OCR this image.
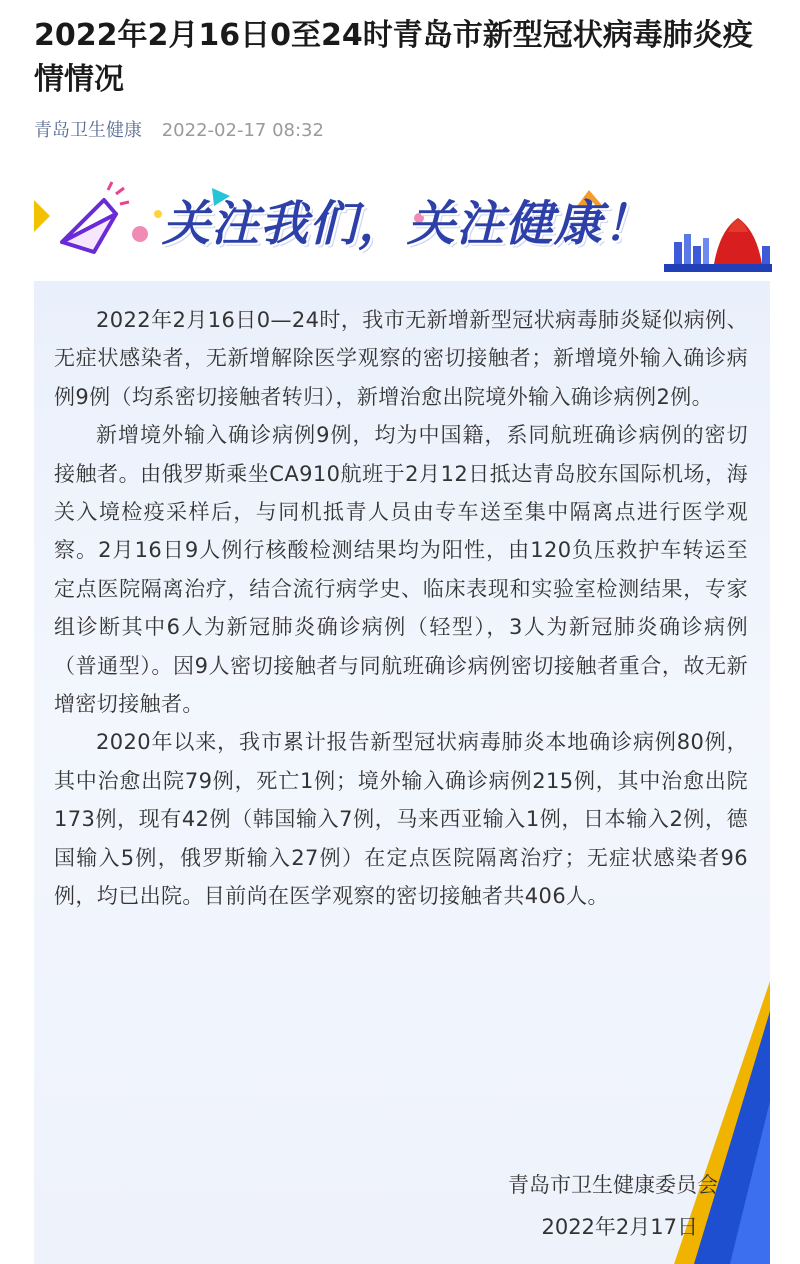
2022年2月16日0至24时青岛市新型冠状病毒肺炎疫情情况
青岛卫生健康 2022-02-17 08:32
关注我们，关注健康！

2022年2月16日0—24时，我市无新增新型冠状病毒肺炎疑似病例、无症状感染者，无新增解除医学观察的密切接触者；新增境外输入确诊病例9例（均系密切接触者转归），新增治愈出院境外输入确诊病例2例。

新增境外输入确诊病例9例，均为中国籍，系同航班确诊病例的密切接触者。由俄罗斯乘坐CA910航班于2月12日抵达青岛胶东国际机场，海关入境检疫采样后，与同机抵青人员由专车送至集中隔离点进行医学观察。2月16日9人例行核酸检测结果均为阳性，由120负压救护车转运至定点医院隔离治疗，结合流行病学史、临床表现和实验室检测结果，专家组诊断其中6人为新冠肺炎确诊病例（轻型），3人为新冠肺炎确诊病例（普通型）。因9人密切接触者与同航班确诊病例密切接触者重合，故无新增密切接触者。

2020年以来，我市累计报告新型冠状病毒肺炎本地确诊病例80例，其中治愈出院79例，死亡1例；境外输入确诊病例215例，其中治愈出院173例，现有42例（韩国输入7例，马来西亚输入1例，日本输入2例，德国输入5例，俄罗斯输入27例）在定点医院隔离治疗；无症状感染者96例，均已出院。目前尚在医学观察的密切接触者共406人。

青岛市卫生健康委员会
2022年2月17日
